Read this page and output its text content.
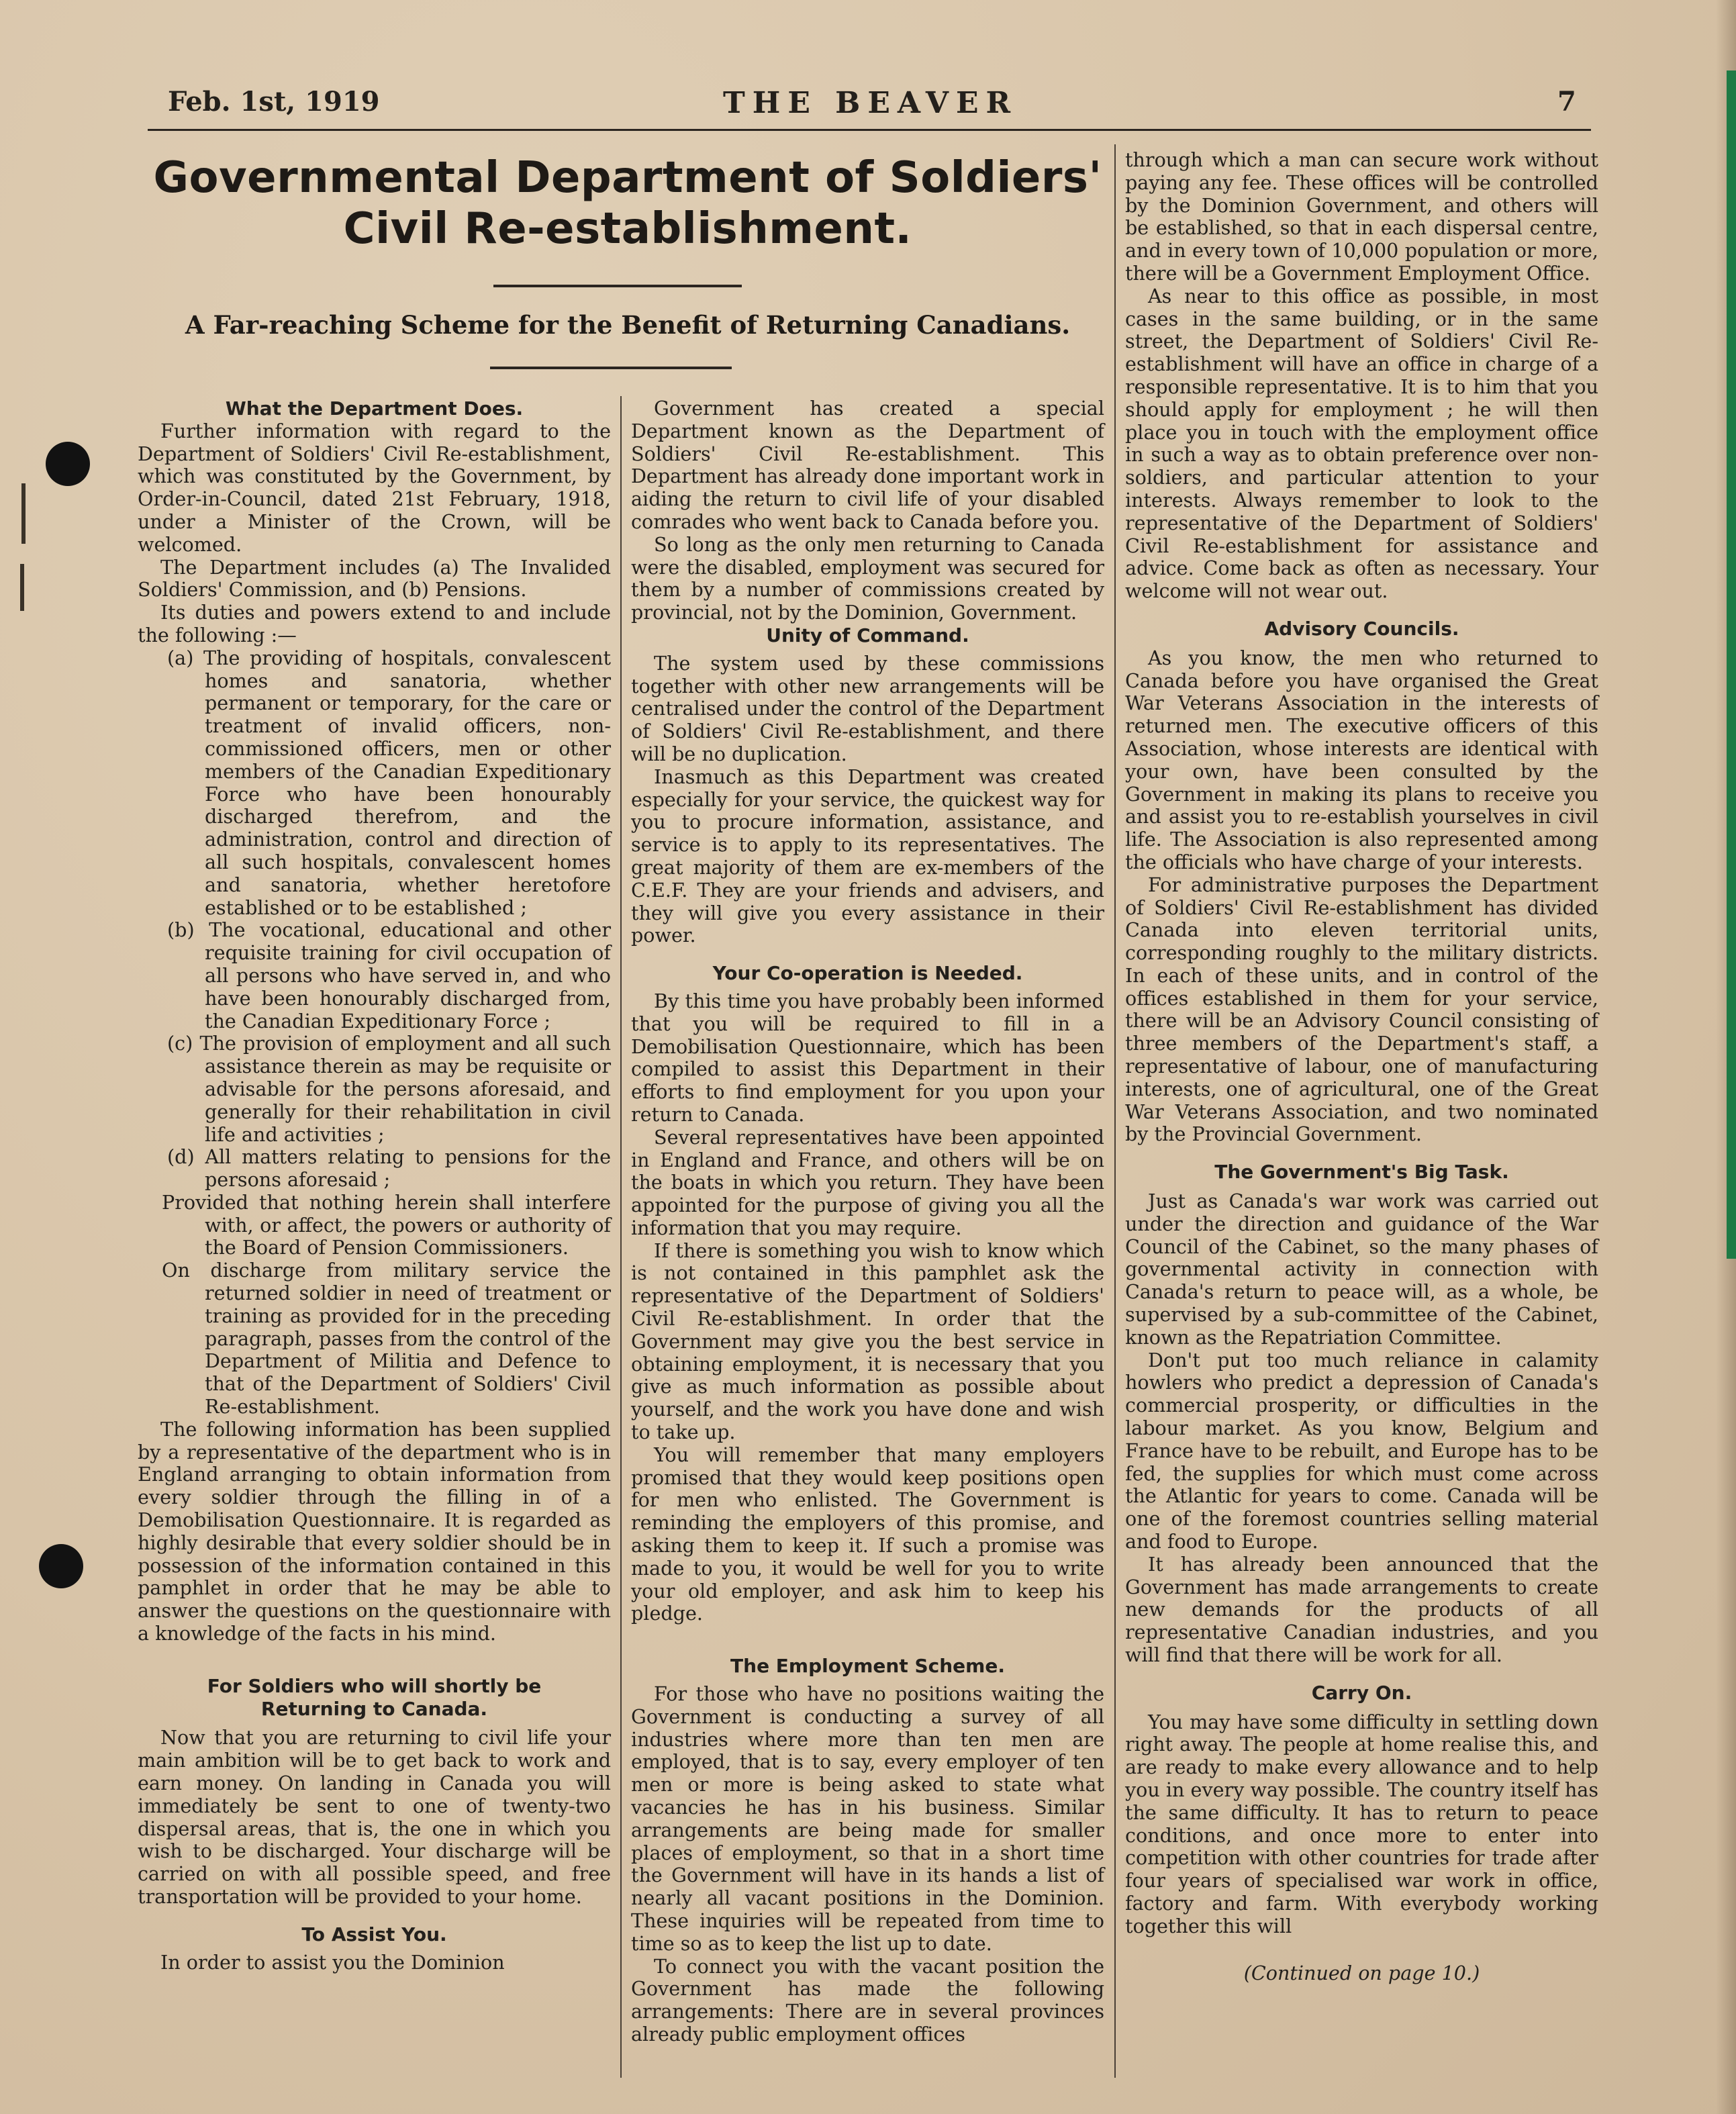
Feb. 1st, 1919	THE BEAVER	7
Governmental Department of Soldiers'
Civil Re-establishment.
A Far-reaching Scheme for the Benefit of Returning Canadians.
What the Department Does.

Further information with regard to the Department of Soldiers' Civil Re-establishment, which was constituted by the Government, by Order-in-Council, dated 21st February, 1918, under a Minister of the Crown, will be welcomed.

The Department includes (a) The Invalided Soldiers' Commission, and (b) Pensions.

Its duties and powers extend to and include the following :—

(a) The providing of hospitals, convalescent homes and sanatoria, whether permanent or temporary, for the care or treatment of invalid officers, non-commissioned officers, men or other members of the Canadian Expeditionary Force who have been honourably discharged therefrom, and the administration, control and direction of all such hospitals, convalescent homes and sanatoria, whether heretofore established or to be established ;

(b) The vocational, educational and other requisite training for civil occupation of all persons who have served in, and who have been honourably discharged from, the Canadian Expeditionary Force ;

(c) The provision of employment and all such assistance therein as may be requisite or advisable for the persons aforesaid, and generally for their rehabilitation in civil life and activities ;

(d) All matters relating to pensions for the persons aforesaid ;

Provided that nothing herein shall interfere with, or affect, the powers or authority of the Board of Pension Commissioners.

On discharge from military service the returned soldier in need of treatment or training as provided for in the preceding paragraph, passes from the control of the Department of Militia and Defence to that of the Department of Soldiers' Civil Re-establishment.

The following information has been supplied by a representative of the department who is in England arranging to obtain information from every soldier through the filling in of a Demobilisation Questionnaire. It is regarded as highly desirable that every soldier should be in possession of the information contained in this pamphlet in order that he may be able to answer the questions on the questionnaire with a knowledge of the facts in his mind.

For Soldiers who will shortly be
Returning to Canada.

Now that you are returning to civil life your main ambition will be to get back to work and earn money. On landing in Canada you will immediately be sent to one of twenty-two dispersal areas, that is, the one in which you wish to be discharged. Your discharge will be carried on with all possible speed, and free transportation will be provided to your home.

To Assist You.

In order to assist you the Dominion

Government has created a special Department known as the Department of Soldiers' Civil Re-establishment. This Department has already done important work in aiding the return to civil life of your disabled comrades who went back to Canada before you.

So long as the only men returning to Canada were the disabled, employment was secured for them by a number of commissions created by provincial, not by the Dominion, Government.

Unity of Command.

The system used by these commissions together with other new arrangements will be centralised under the control of the Department of Soldiers' Civil Re-establishment, and there will be no duplication.

Inasmuch as this Department was created especially for your service, the quickest way for you to procure information, assistance, and service is to apply to its representatives. The great majority of them are ex-members of the C.E.F. They are your friends and advisers, and they will give you every assistance in their power.

Your Co-operation is Needed.

By this time you have probably been informed that you will be required to fill in a Demobilisation Questionnaire, which has been compiled to assist this Department in their efforts to find employment for you upon your return to Canada.

Several representatives have been appointed in England and France, and others will be on the boats in which you return. They have been appointed for the purpose of giving you all the information that you may require.

If there is something you wish to know which is not contained in this pamphlet ask the representative of the Department of Soldiers' Civil Re-establishment. In order that the Government may give you the best service in obtaining employment, it is necessary that you give as much information as possible about yourself, and the work you have done and wish to take up.

You will remember that many employers promised that they would keep positions open for men who enlisted. The Government is reminding the employers of this promise, and asking them to keep it. If such a promise was made to you, it would be well for you to write your old employer, and ask him to keep his pledge.

The Employment Scheme.

For those who have no positions waiting the Government is conducting a survey of all industries where more than ten men are employed, that is to say, every employer of ten men or more is being asked to state what vacancies he has in his business. Similar arrangements are being made for smaller places of employment, so that in a short time the Government will have in its hands a list of nearly all vacant positions in the Dominion. These inquiries will be repeated from time to time so as to keep the list up to date.

To connect you with the vacant position the Government has made the following arrangements: There are in several provinces already public employment offices

through which a man can secure work without paying any fee. These offices will be controlled by the Dominion Government, and others will be established, so that in each dispersal centre, and in every town of 10,000 population or more, there will be a Government Employment Office.

As near to this office as possible, in most cases in the same building, or in the same street, the Department of Soldiers' Civil Re-establishment will have an office in charge of a responsible representative. It is to him that you should apply for employment ; he will then place you in touch with the employment office in such a way as to obtain preference over non-soldiers, and particular attention to your interests. Always remember to look to the representative of the Department of Soldiers' Civil Re-establishment for assistance and advice. Come back as often as necessary. Your welcome will not wear out.

Advisory Councils.

As you know, the men who returned to Canada before you have organised the Great War Veterans Association in the interests of returned men. The executive officers of this Association, whose interests are identical with your own, have been consulted by the Government in making its plans to receive you and assist you to re-establish yourselves in civil life. The Association is also represented among the officials who have charge of your interests.

For administrative purposes the Department of Soldiers' Civil Re-establishment has divided Canada into eleven territorial units, corresponding roughly to the military districts. In each of these units, and in control of the offices established in them for your service, there will be an Advisory Council consisting of three members of the Department's staff, a representative of labour, one of manufacturing interests, one of agricultural, one of the Great War Veterans Association, and two nominated by the Provincial Government.

The Government's Big Task.

Just as Canada's war work was carried out under the direction and guidance of the War Council of the Cabinet, so the many phases of governmental activity in connection with Canada's return to peace will, as a whole, be supervised by a sub-committee of the Cabinet, known as the Repatriation Committee.

Don't put too much reliance in calamity howlers who predict a depression of Canada's commercial prosperity, or difficulties in the labour market. As you know, Belgium and France have to be rebuilt, and Europe has to be fed, the supplies for which must come across the Atlantic for years to come. Canada will be one of the foremost countries selling material and food to Europe.

It has already been announced that the Government has made arrangements to create new demands for the products of all representative Canadian industries, and you will find that there will be work for all.

Carry On.

You may have some difficulty in settling down right away. The people at home realise this, and are ready to make every allowance and to help you in every way possible. The country itself has the same difficulty. It has to return to peace conditions, and once more to enter into competition with other countries for trade after four years of specialised war work in office, factory and farm. With everybody working together this will

(Continued on page 10.)
